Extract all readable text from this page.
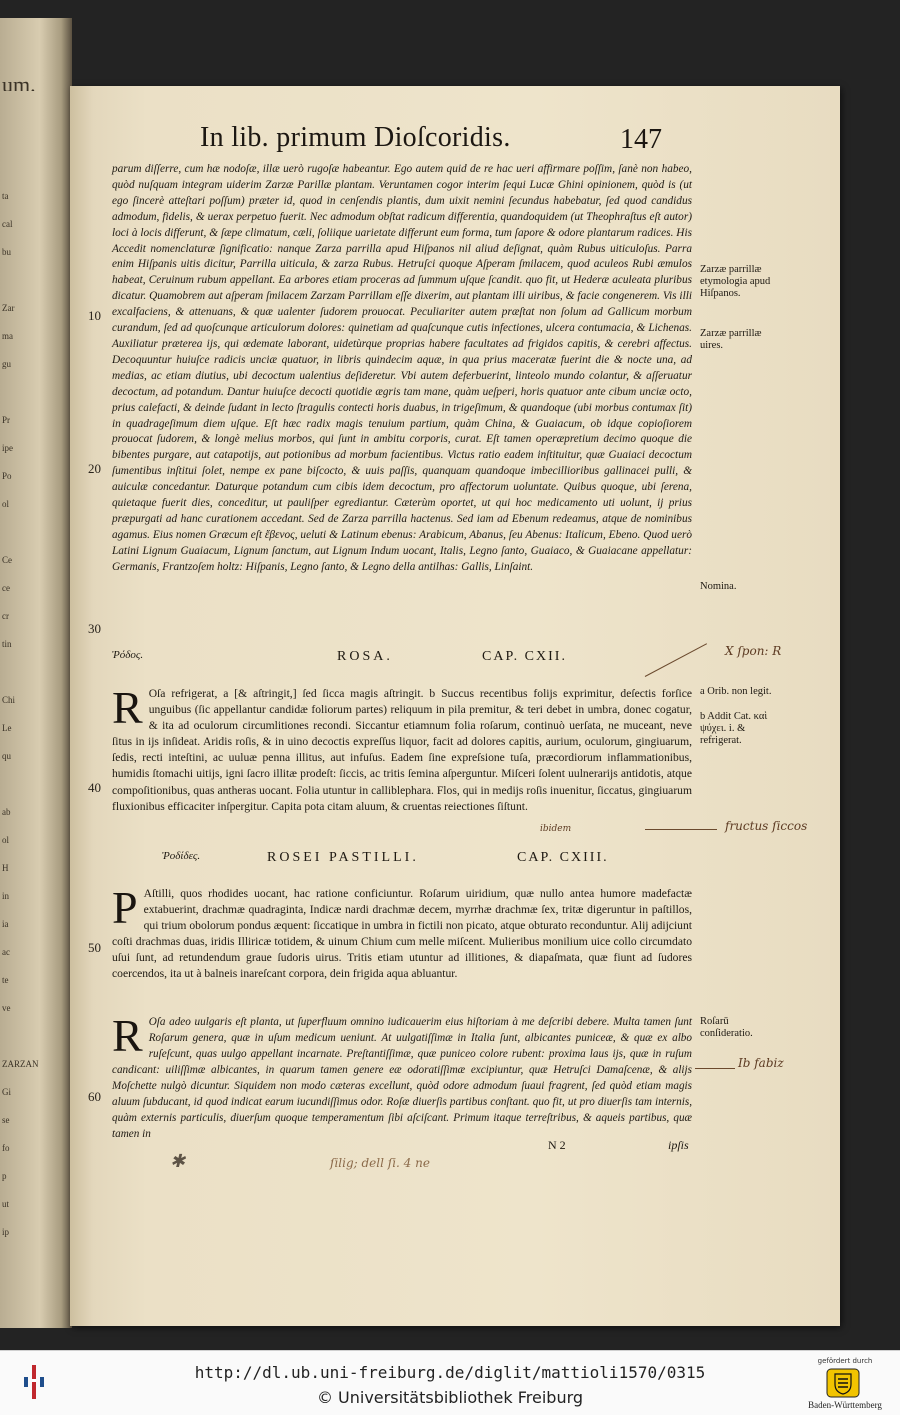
um.
ta
cal
bu
Zar
ma
gu
Pr
ipe
Po
ol
Ce
ce
cr
tin
Chi
Le
qu
ab
ol
H
in
ia
ac
te
ve
ZARZAN
Gi
se
fo
p
ut
ip
In lib. primum Dioſcoridis.	147
10
20
30
40
50
60

parum diſſerre, cum hæ nodoſæ, illæ uerò rugoſæ habeantur. Ego autem quid de re hac ueri affirmare poſſim, ſanè non habeo, quòd nuſquam integram uiderim Zarzæ Parillæ plantam. Veruntamen cogor interim ſequi Lucæ Ghini opinionem, quòd is (ut ego ſincerè atteſtari poſſum) præter id, quod in cenſendis plantis, dum uixit nemini ſecundus habebatur, ſed quod candidus admodum, fidelis, & uerax perpetuo fuerit. Nec admodum obſtat radicum differentia, quandoquidem (ut Theophraſtus eſt autor) loci à locis differunt, & ſæpe climatum, cæli, ſoliique uarietate differunt eum forma, tum ſapore & odore plantarum radices. His Accedit nomenclaturæ ſignificatio: nanque Zarza parrilla apud Hiſpanos nil aliud deſignat, quàm Rubus uiticuloſus. Parra enim Hiſpanis uitis dicitur, Parrilla uiticula, & zarza Rubus. Hetruſci quoque Aſperam ſmilacem, quod aculeos Rubi æmulos habeat, Ceruinum rubum appellant. Ea arbores etiam proceras ad ſummum uſque ſcandit. quo fit, ut Hederæ aculeata pluribus dicatur. Quamobrem aut aſperam ſmilacem Zarzam Parrillam eſſe dixerim, aut plantam illi uiribus, & facie congenerem. Vis illi excalfaciens, & attenuans, & quæ ualenter ſudorem prouocat. Peculiariter autem præſtat non ſolum ad Gallicum morbum curandum, ſed ad quoſcunque articulorum dolores: quinetiam ad quaſcunque cutis infectiones, ulcera contumacia, & Lichenas. Auxiliatur præterea ijs, qui œdemate laborant, uidetùrque proprias habere facultates ad frigidos capitis, & cerebri affectus. Decoquuntur huiuſce radicis unciæ quatuor, in libris quindecim aquæ, in qua prius maceratæ fuerint die & nocte una, ad medias, ac etiam diutius, ubi decoctum ualentius deſideretur. Vbi autem deferbuerint, linteolo mundo colantur, & aſſeruatur decoctum, ad potandum. Dantur huiuſce decocti quotidie ægris tam mane, quàm ueſperi, horis quatuor ante cibum unciæ octo, prius calefacti, & deinde ſudant in lecto ſtragulis contecti horis duabus, in trigeſimum, & quandoque (ubi morbus contumax ſit) in quadrageſimum diem uſque. Eſt hæc radix magis tenuium partium, quàm China, & Guaiacum, ob idque copioſiorem prouocat ſudorem, & longè melius morbos, qui ſunt in ambitu corporis, curat. Eſt tamen operæpretium decimo quoque die bibentes purgare, aut catapotijs, aut potionibus ad morbum facientibus. Victus ratio eadem inſtituitur, quæ Guaiaci decoctum ſumentibus inſtitui ſolet, nempe ex pane biſcocto, & uuis paſſis, quanquam quandoque imbecillioribus gallinacei pulli, & auiculæ concedantur. Daturque potandum cum cibis idem decoctum, pro affectorum uoluntate. Quibus quoque, ubi ſerena, quietaque fuerit dies, conceditur, ut pauliſper egrediantur. Cæterùm oportet, ut qui hoc medicamento uti uolunt, ij prius præpurgati ad hanc curationem accedant. Sed de Zarza parrilla hactenus. Sed iam ad Ebenum redeamus, atque de nominibus agamus. Eius nomen Græcum eſt ἔβενος, ueluti & Latinum ebenus: Arabicum, Abanus, ſeu Abenus: Italicum, Ebeno. Quod uerò Latini Lignum Guaiacum, Lignum ſanctum, aut Lignum Indum uocant, Italis, Legno ſanto, Guaiaco, & Guaiacane appellatur: Germanis, Frantzoſem holtz: Hiſpanis, Legno ſanto, & Legno della antilhas: Gallis, Linſaint.

Ῥόδος.	ROSA.	CAP. CXII.
R Oſa refrigerat, a [& aſtringit,] ſed ſicca magis aſtringit. b Succus recentibus folijs exprimitur, deſectis forſice unguibus (ſic appellantur candidæ foliorum partes) reliquum in pila premitur, & teri debet in umbra, donec cogatur, & ita ad oculorum circumlitiones recondi. Siccantur etiamnum folia roſarum, continuò uerſata, ne muceant, neve ſitus in ijs inſideat. Aridis roſis, & in uino decoctis expreſſus liquor, facit ad dolores capitis, aurium, oculorum, gingiuarum, ſedis, recti inteſtini, ac uuluæ penna illitus, aut infuſus. Eadem ſine expreſsione tuſa, præcordiorum inflammationibus, humidis ſtomachi uitijs, igni ſacro illitæ prodeſt: ſiccis, ac tritis ſemina aſperguntur. Miſceri ſolent uulnerarijs antidotis, atque compoſitionibus, quas antheras uocant. Folia utuntur in calliblephara. Flos, qui in medijs roſis inuenitur, ſiccatus, gingiuarum fluxionibus efficaciter inſpergitur. Capita pota citam aluum, & cruentas reiectiones ſiſtunt.

Ῥοδίδες.	ROSEI PASTILLI.	CAP. CXIII.
P Aſtilli, quos rhodides uocant, hac ratione conficiuntur. Roſarum uiridium, quæ nullo antea humore madefactæ extabuerint, drachmæ quadraginta, Indicæ nardi drachmæ decem, myrrhæ drachmæ ſex, tritæ digeruntur in paſtillos, qui trium obolorum pondus æquent: ſiccatique in umbra in fictili non picato, atque obturato reconduntur. Alij adijciunt coſti drachmas duas, iridis Illiricæ totidem, & uinum Chium cum melle miſcent. Mulieribus monilium uice collo circumdato uſui ſunt, ad retundendum graue ſudoris uirus. Tritis etiam utuntur ad illitiones, & diapaſmata, quæ fiunt ad ſudores coercendos, ita ut à balneis inareſcant corpora, dein frigida aqua abluantur.

R Oſa adeo uulgaris eſt planta, ut ſuperfluum omnino iudicauerim eius hiſtoriam à me deſcribi debere. Multa tamen ſunt Roſarum genera, quæ in uſum medicum ueniunt. At uulgatiſſimæ in Italia ſunt, albicantes puniceæ, & quæ ex albo ruſeſcunt, quas uulgo appellant incarnate. Preſtantiſſimæ, quæ puniceo colore rubent: proxima laus ijs, quæ in ruſum candicant: uiliſſimæ albicantes, in quarum tamen genere eæ odoratiſſimæ excipiuntur, quæ Hetruſci Damaſcenæ, & alijs Moſchette nulgò dicuntur. Siquidem non modo cæteras excellunt, quòd odore admodum ſuaui fragrent, ſed quòd etiam magis aluum ſubducant, id quod indicat earum iucundiſſimus odor. Roſæ diuerſis partibus conſtant. quo fit, ut pro diuerſis tam internis, quàm externis particulis, diuerſum quoque temperamentum ſibi aſciſcant. Primum itaque terreſtribus, & aqueis partibus, quæ tamen in

Zarzæ parrillæ etymologia apud Hiſpanos.
Zarzæ parrillæ uires.
Nomina.
a Orib. non legit.
b Addit Cat. καὶ ψύχει. i. & refrigerat.
Roſarū conſideratio.
X ſpon: R
fructus ſiccos
Ib fabiz
ibidem
ſilig; dell ſi. 4 ne
✱
N 2	ipſis
http://dl.ub.uni-freiburg.de/diglit/mattioli1570/0315
© Universitätsbibliothek Freiburg
gefördert durch
Baden-Württemberg
